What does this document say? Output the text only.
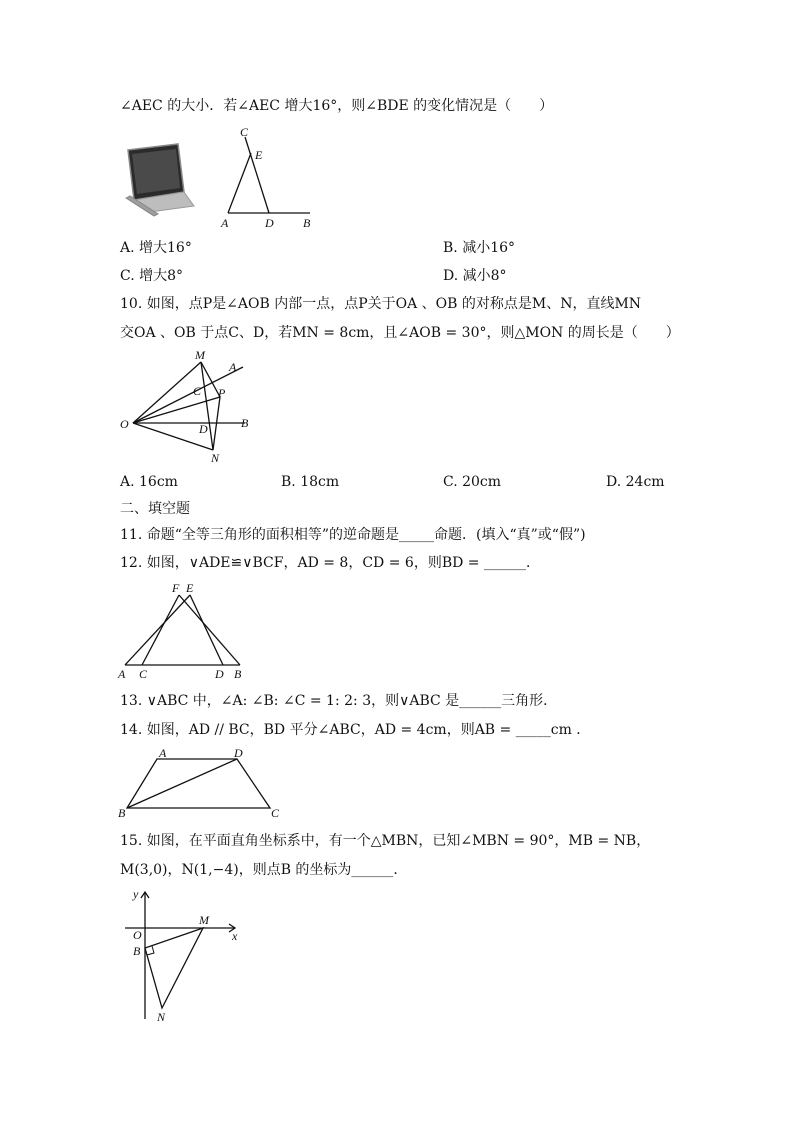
∠AEC 的大小．若∠AEC 增大16°，则∠BDE 的变化情况是（　　）
C
E
A	D B
A. 增大16°	B. 减小16°
C. 增大8°	D. 减小8°
10. 如图，点P是∠AOB 内部一点，点P关于OA 、OB 的对称点是M、N，直线MN
交OA 、OB 于点C、D，若MN = 8cm，且∠AOB = 30°，则△MON 的周长是（　　）
M
A
C P
O	B
D
N
A. 16cm	B. 18cm	C. 20cm	D. 24cm
二、填空题
11. 命题“全等三角形的面积相等”的逆命题是_____命题．(填入“真”或“假”)
12. 如图，∨ADE≌∨BCF，AD = 8，CD = 6，则BD = ______．
F E
A C	D B
13. ∨ABC 中，∠A: ∠B: ∠C = 1: 2: 3，则∨ABC 是______三角形．
14. 如图，AD // BC，BD 平分∠ABC，AD = 4cm，则AB = _____cm ．
A	D
B	C
15. 如图，在平面直角坐标系中，有一个△MBN，已知∠MBN = 90°，MB = NB，
M(3,0)，N(1,−4)，则点B 的坐标为______．
y
x
O
M
B
N
